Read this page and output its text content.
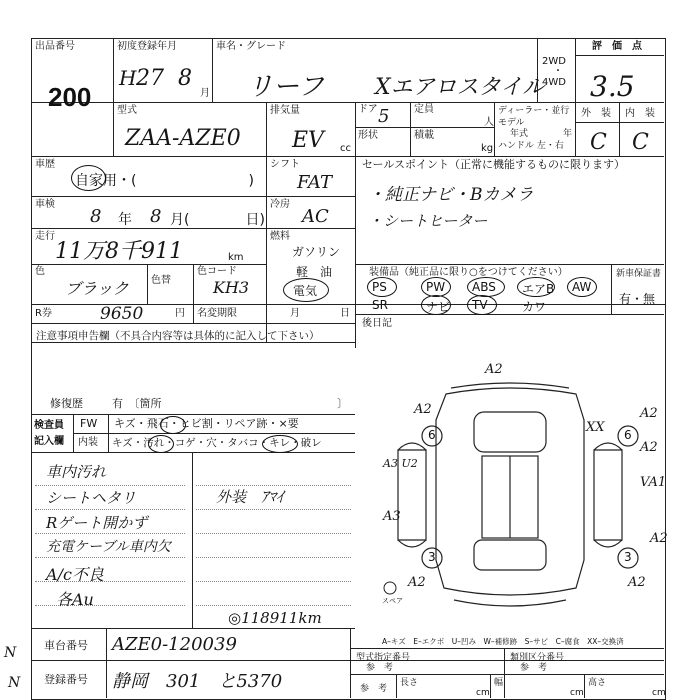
出品番号
200
初度登録年月
H 27 8
月
車名・グレード
リーフ Xエアロスタイル
2WD
・
4WD
評　価　点
3.5
外　装 内　装
C C
型式
ZAA-AZE0
排気量
EV cc
ドア 5 定員
人
形状	積載
kg
ディーラー・並行
モデル
年式	年
ハンドル 左・右
車歴
自家用・(　　　　　　　　)
車検
8 年 8 月(　　　　日)
走行
11万8千911	km
色
ブラック 色替
色コード
KH3
R券	9650	円 名変期限	月	日
シフト
FAT
冷房
AC
燃料
ガソリン
軽　油
電気
セールスポイント（正常に機能するものに限ります）
・純正ナビ・Bカメラ
・シートヒーター
装備品（純正品に限り○をつけてください）
PS	PW ABS エアB AW
SR	ナビ TV	カワ
新車保証書
有・無
後日記
注意事項申告欄（不具合内容等は具体的に記入して下さい）
修復歴	有　〔箇所	〕
検査員
記入欄
FW
内装
キズ・飛石・ヒビ割・リペア跡・×要
キズ・汚れ・コゲ・穴・タバコ・キレ・破レ
車内汚れ
シートヘタリ
Rゲート開かず
充電ケーブル車内欠
A/c不良
各Au
外装　ｱﾏｲ
◎118911km
6	6
3	3
スペア
A2
A2	A2
A2
A3 U2
VA1
A3
A2
A2
XX
A2
A–キズ　E–エクボ　U–凹み　W–補修跡　S–サビ　C–腐食　XX–交換済
N
N
車台番号 AZE0-120039
登録番号 静岡　301　と5370
型式指定番号
参　考
類別区分番号
参　考
参　考
長さ
cm
幅
cm
高さ
cm
